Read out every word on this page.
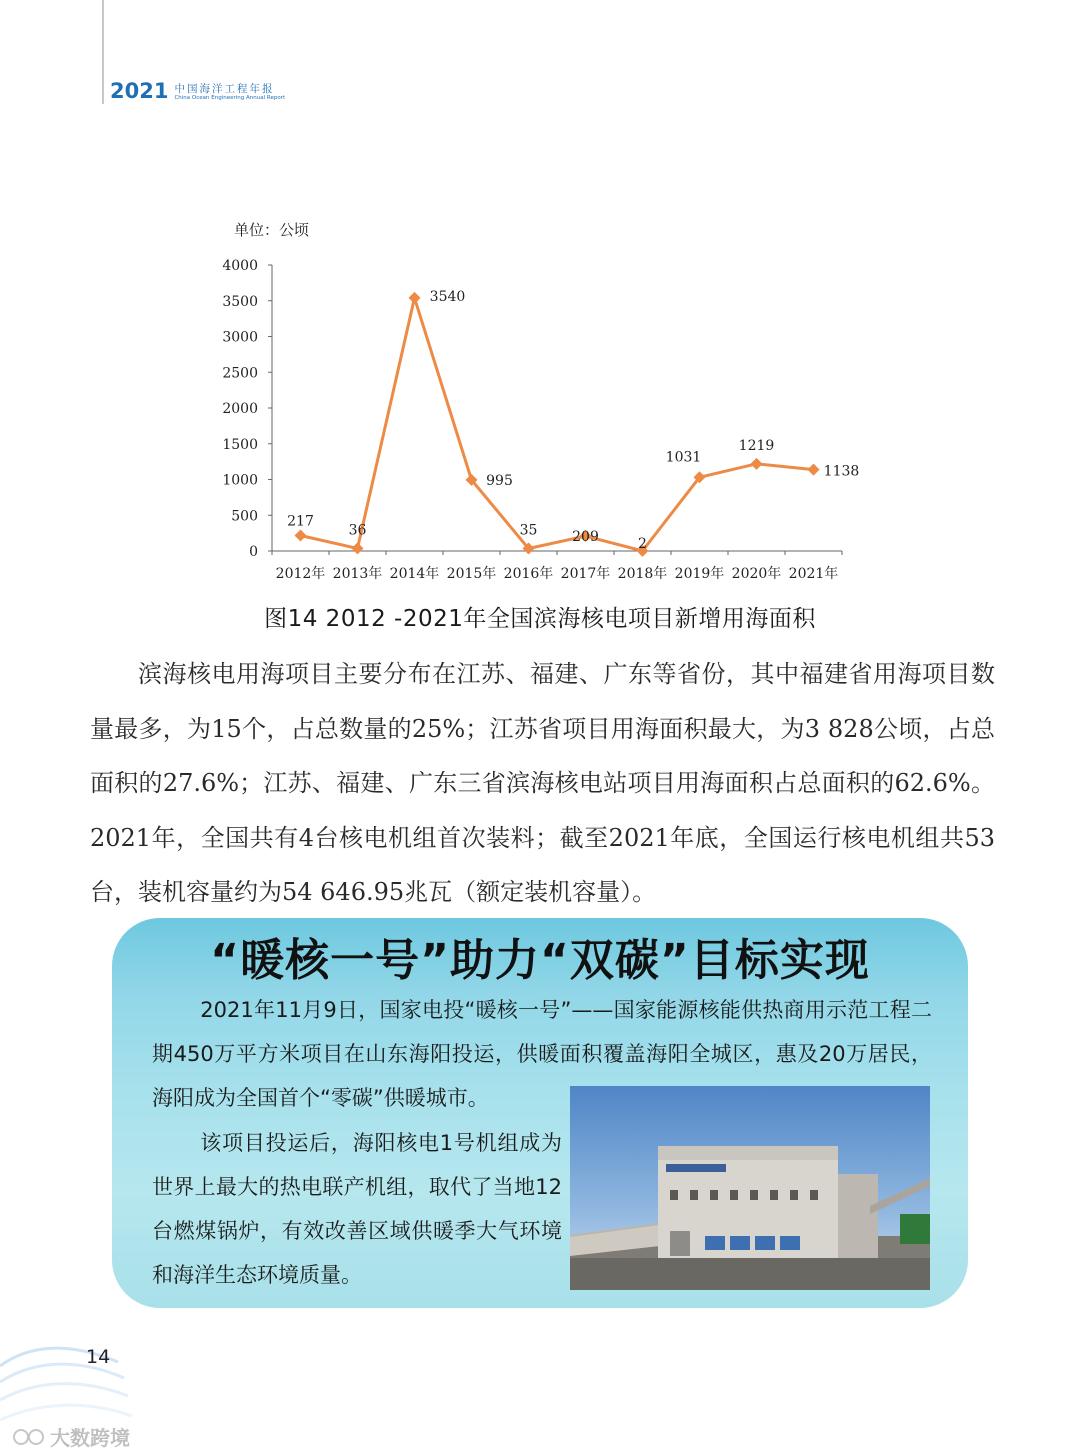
2021 中国海洋工程年报
China Ocean Engineering Annual Report
单位：公顷
0
500
1000
1500
2000
2500
3000
3500
4000
2012年 2013年 2014年 2015年 2016年 2017年 2018年 2019年 2020年 2021年
217
36
3540
995
35 209	2
1031
1219
1138
图14 2012 -2021年全国滨海核电项目新增用海面积

滨海核电用海项目主要分布在江苏、福建、广东等省份，其中福建省用海项目数量最多，为15个，占总数量的25%；江苏省项目用海面积最大，为3 828公顷，占总面积的27.6%；江苏、福建、广东三省滨海核电站项目用海面积占总面积的62.6%。2021年，全国共有4台核电机组首次装料；截至2021年底，全国运行核电机组共53台，装机容量约为54 646.95兆瓦（额定装机容量）。

“暖核一号”助力“双碳”目标实现
2021年11月9日，国家电投“暖核一号”——国家能源核能供热商用示范工程二期450万平方米项目在山东海阳投运，供暖面积覆盖海阳全城区，惠及20万居民，海阳成为全国首个“零碳”供暖城市。
该项目投运后，海阳核电1号机组成为世界上最大的热电联产机组，取代了当地12台燃煤锅炉，有效改善区域供暖季大气环境和海洋生态环境质量。
14
大数跨境
